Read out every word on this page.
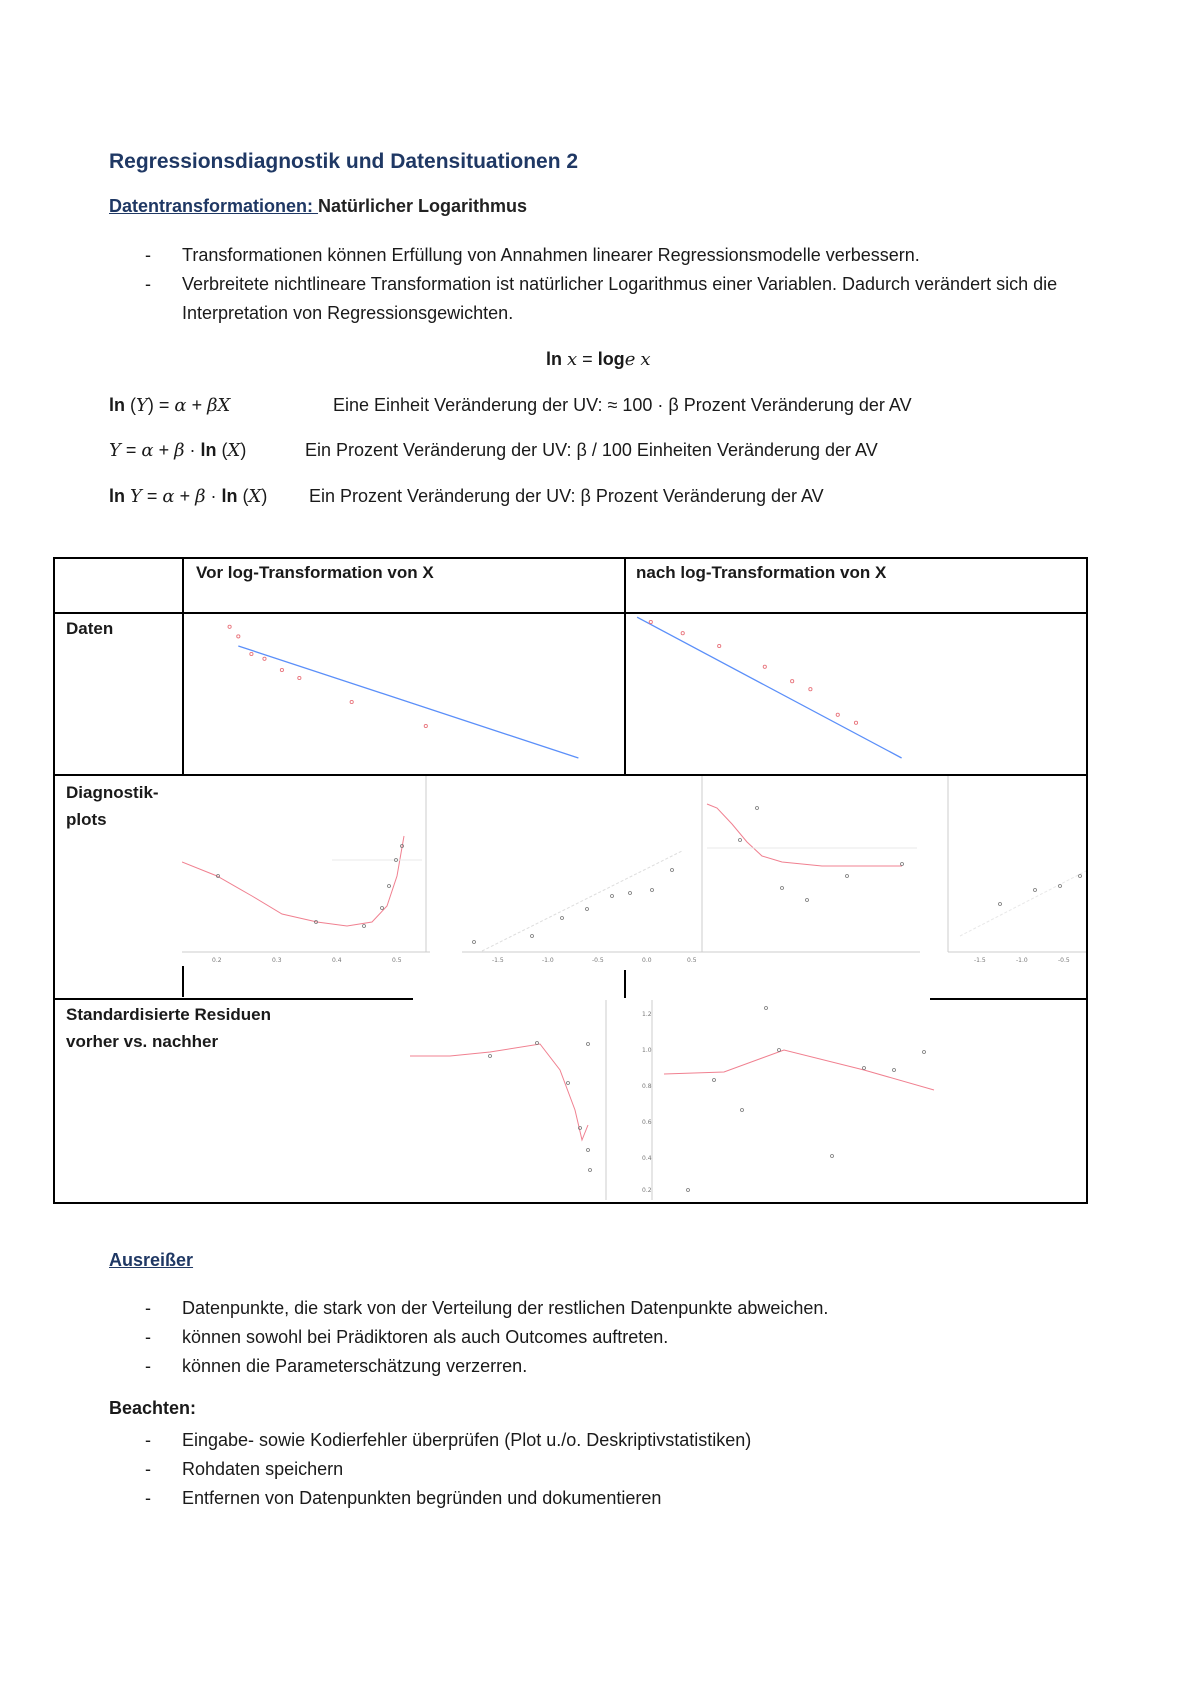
Regressionsdiagnostik und Datensituationen 2
Datentransformationen: Natürlicher Logarithmus
- Transformationen können Erfüllung von Annahmen linearer Regressionsmodelle verbessern.
- Verbreitete nichtlineare Transformation ist natürlicher Logarithmus einer Variablen. Dadurch verändert sich die Interpretation von Regressionsgewichten.
ln x = loge x
ln (Y) = α + βX	Eine Einheit Veränderung der UV: ≈ 100 · β Prozent Veränderung der AV
Y = α + β · ln (X)	Ein Prozent Veränderung der UV: β / 100 Einheiten Veränderung der AV
ln Y = α + β · ln (X) Ein Prozent Veränderung der UV: β Prozent Veränderung der AV
Vor log-Transformation von X	nach log-Transformation von X
Daten
Diagnostik-
plots
Standardisierte Residuen
vorher vs. nachher
0.2	0.3	0.4	0.5	-1.5	-1.0	-0.5	0.0	0.5	-1.5	-1.0	-0.5
1.2
1.0
0.8
0.6
0.4
0.2
Ausreißer
- Datenpunkte, die stark von der Verteilung der restlichen Datenpunkte abweichen.
- können sowohl bei Prädiktoren als auch Outcomes auftreten.
- können die Parameterschätzung verzerren.
Beachten:
- Eingabe- sowie Kodierfehler überprüfen (Plot u./o. Deskriptivstatistiken)
- Rohdaten speichern
- Entfernen von Datenpunkten begründen und dokumentieren
